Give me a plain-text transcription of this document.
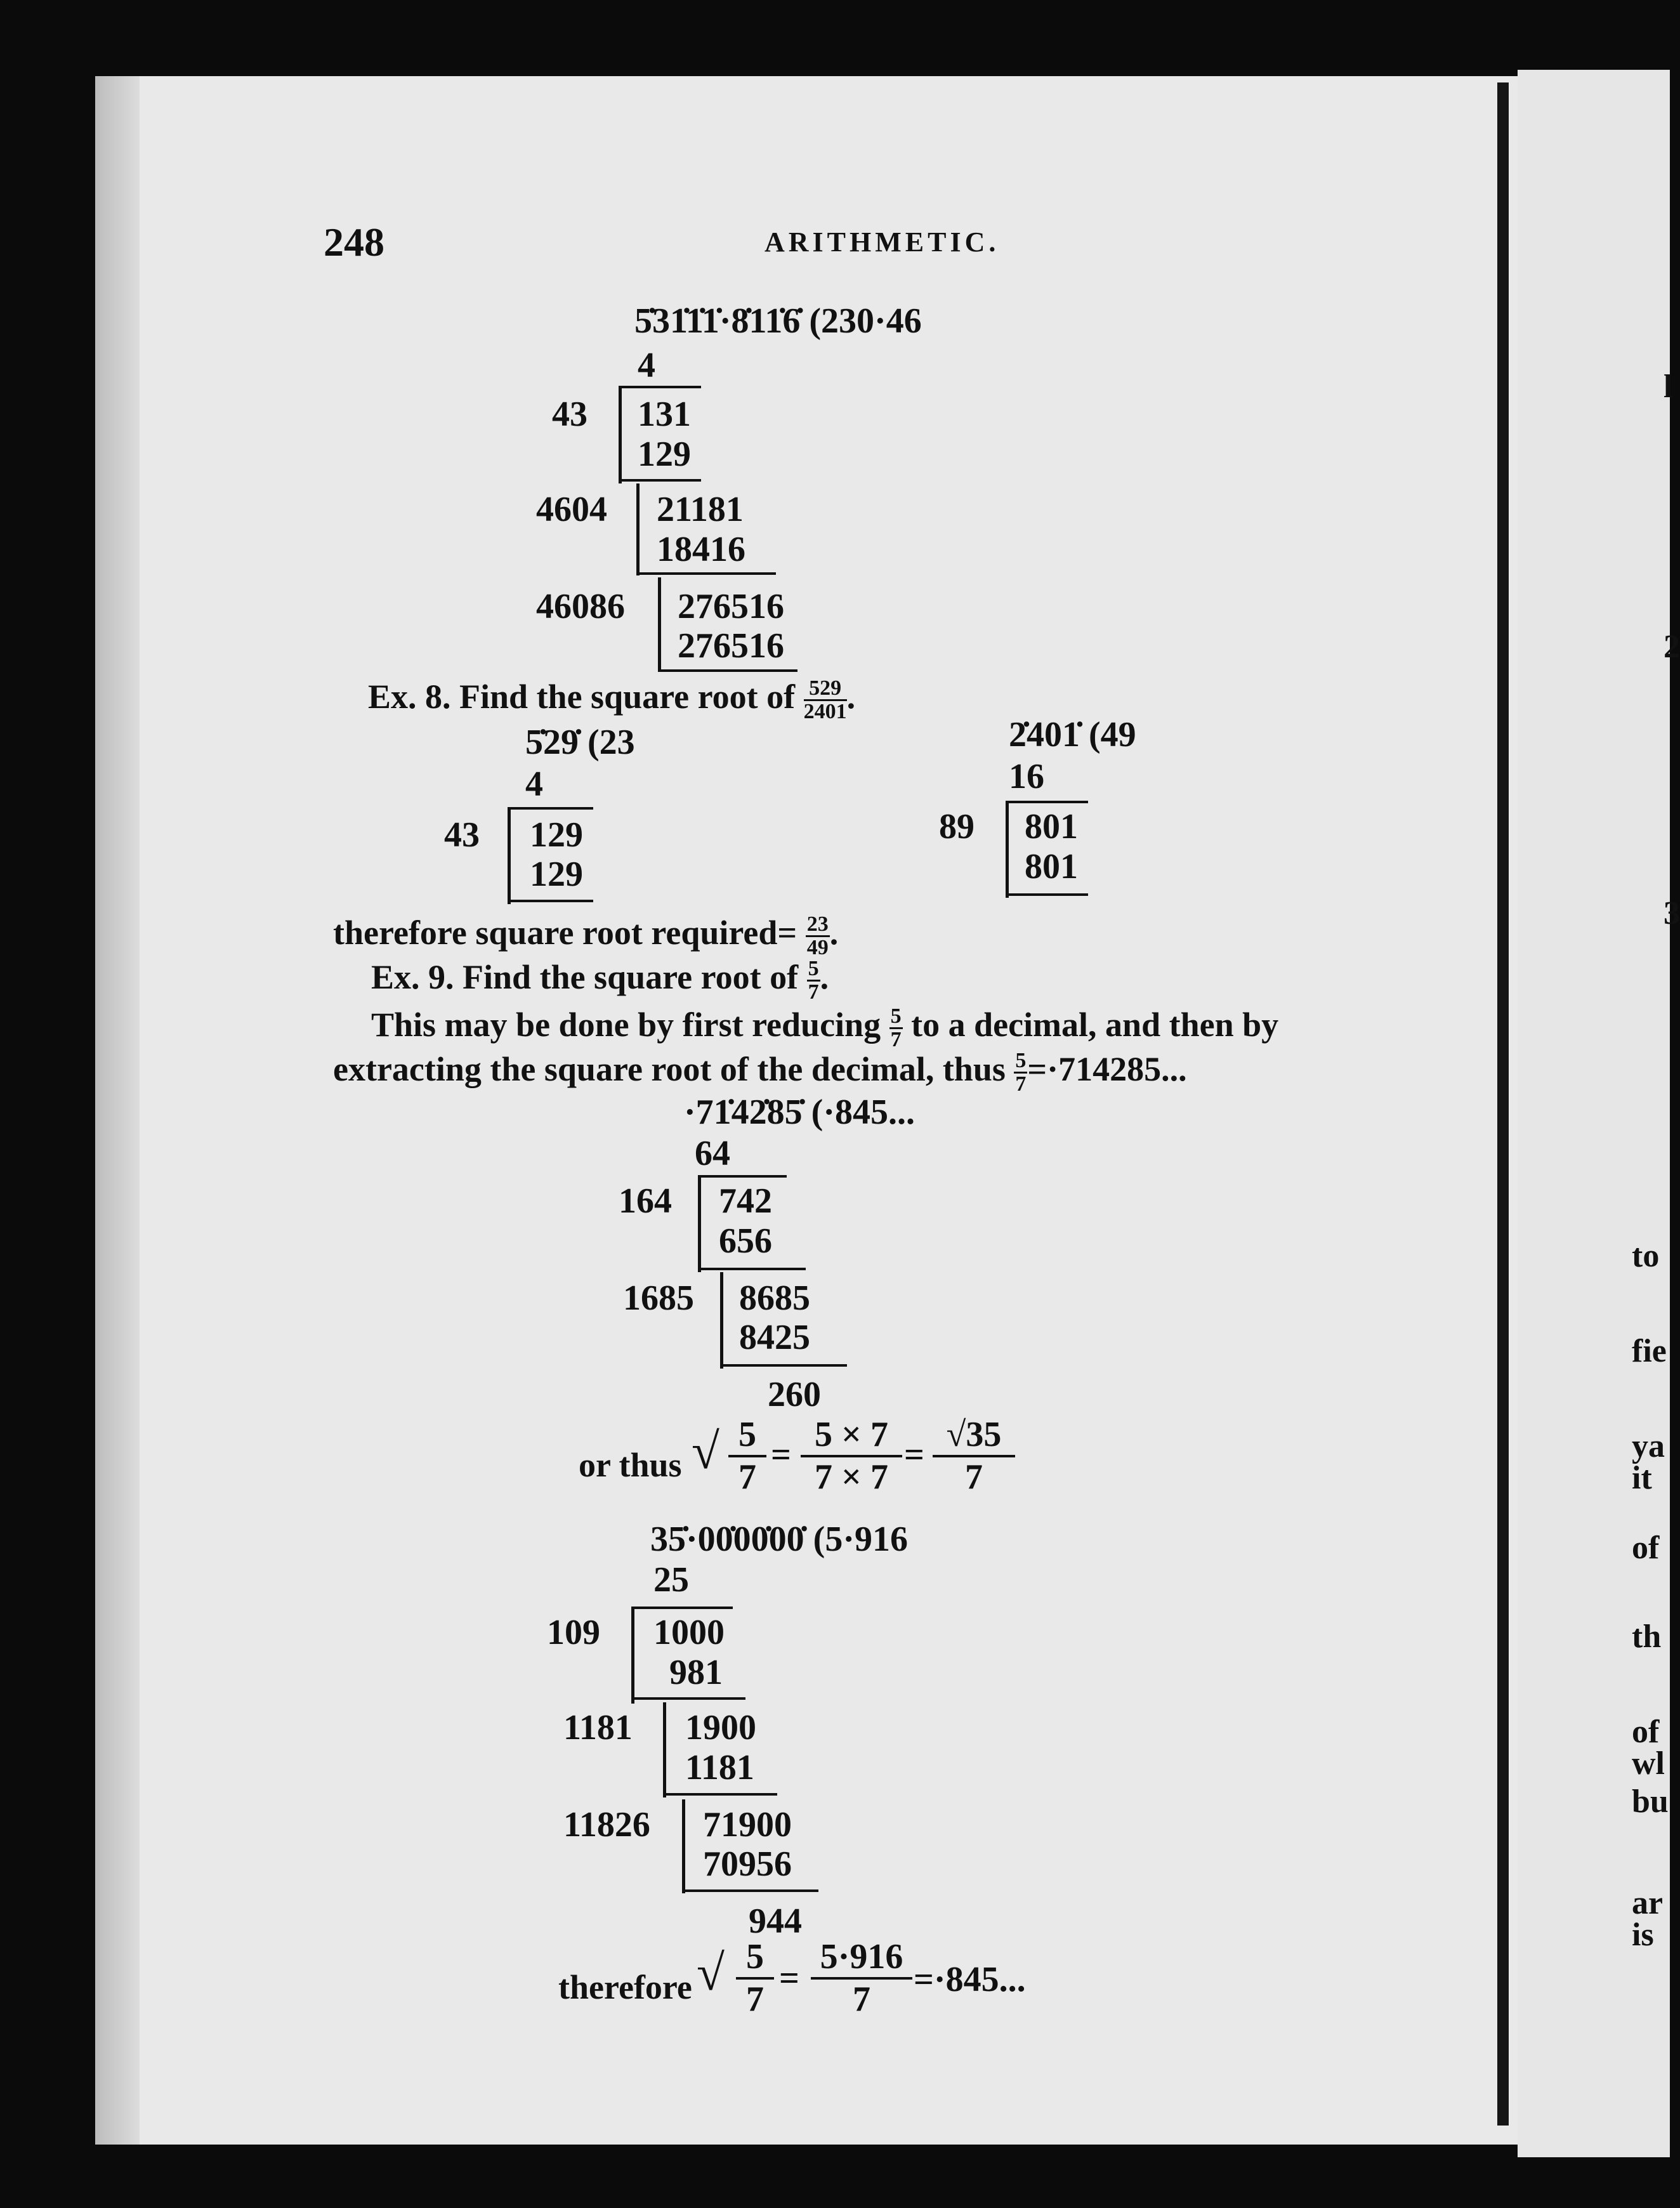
l
2
3
to
fie
ya
it
of
th
of
wl
bu
ar
is
248	ARITHMETIC.
5̇31̇1̇1̇·8̇11̇6̇ (230·46
4
43 131
129
4604 21181
18416
46086 276516
276516
Ex. 8. Find the square root of $\frac{529}{2401}$ .
5̇29̇ (23
4
43 129
129
2̇401̇ (49
16
89 801
801
therefore square root required= $\frac{23}{49}$ .
Ex. 9. Find the square root of $\frac{5}{7}$ .
This may be done by first reducing $\frac{5}{7}$ to a decimal, and then by
extracting the square root of the decimal, thus $\frac{5}{7} =\cdot 714285$...
·71̇42̇85̇ (·845...
64
164 742
656
1685 8685
8425
260
or thus √ $\frac{5}{7} = \frac{5 \times 7}{7 \times 7} = \frac{√35}{7}$
35̇·00̇00̇00̇ (5·916
25
109 1000
981
1181 1900
1181
11826 71900
70956
944
therefore √ $\frac{5}{7} = \frac{5\cdot 916}{7} =\cdot 845$...
